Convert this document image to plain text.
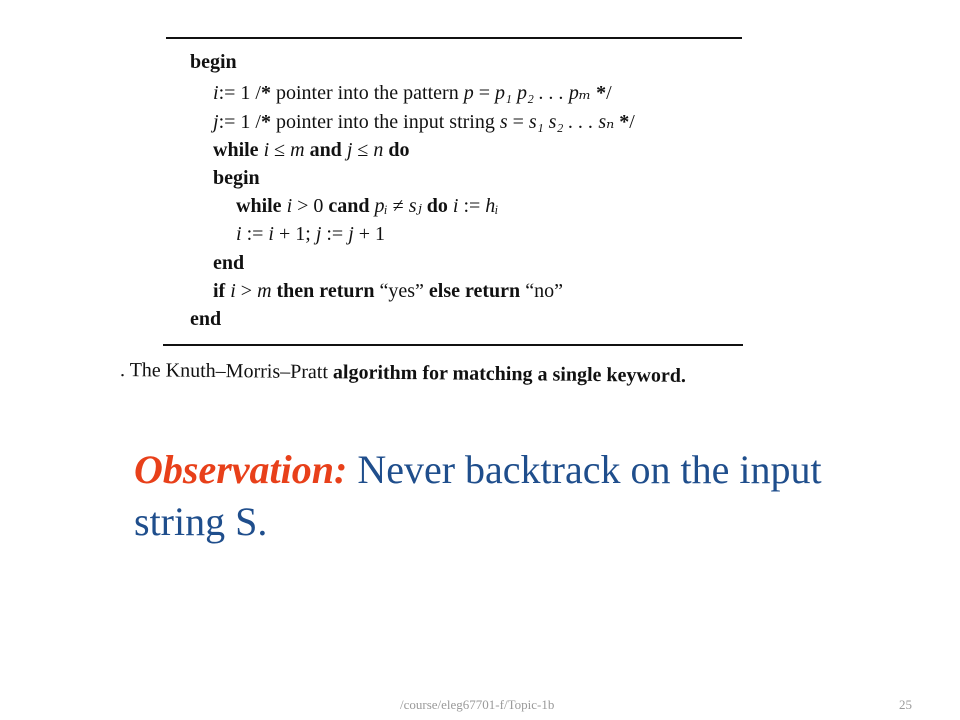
begin
i:= 1 /* pointer into the pattern p = p₁ p₂ . . . pₘ */
j:= 1 /* pointer into the input string s = s₁ s₂ . . . sₙ */
while i ≤ m and j ≤ n do
begin
while i > 0 cand pᵢ ≠ sⱼ do i := hᵢ
i := i + 1; j := j + 1
end
if i > m then return “yes” else return “no”
end
. The Knuth–Morris–Pratt algorithm for matching a single keyword.
Observation: Never backtrack on the input string S.
/course/eleg67701-f/Topic-1b	25
